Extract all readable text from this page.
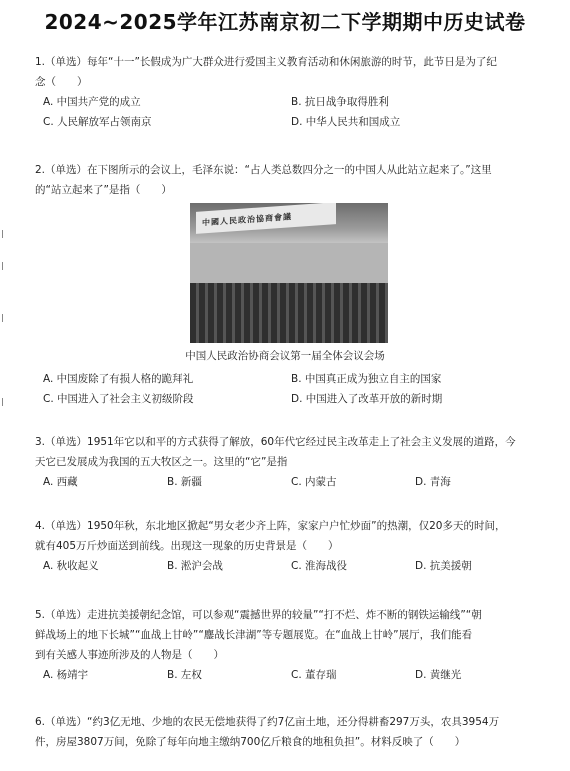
2024~2025学年江苏南京初二下学期期中历史试卷

1.（单选）每年“十一”长假成为广大群众进行爱国主义教育活动和休闲旅游的时节，此节日是为了纪

念（　　）

A. 中国共产党的成立	B. 抗日战争取得胜利
C. 人民解放军占领南京	D. 中华人民共和国成立

2.（单选）在下图所示的会议上，毛泽东说：“占人类总数四分之一的中国人从此站立起来了。”这里

的“站立起来了”是指（　　）

中國人民政治協商會議
中国人民政治协商会议第一届全体会议会场
A. 中国废除了有损人格的跪拜礼	B. 中国真正成为独立自主的国家
C. 中国进入了社会主义初级阶段	D. 中国进入了改革开放的新时期

3.（单选）1951年它以和平的方式获得了解放，60年代它经过民主改革走上了社会主义发展的道路，今

天它已发展成为我国的五大牧区之一。这里的“它”是指

A. 西藏	B. 新疆	C. 内蒙古	D. 青海

4.（单选）1950年秋，东北地区掀起“男女老少齐上阵，家家户户忙炒面”的热潮，仅20多天的时间，

就有405万斤炒面送到前线。出现这一现象的历史背景是（　　）

A. 秋收起义	B. 淞沪会战	C. 淮海战役	D. 抗美援朝

5.（单选）走进抗美援朝纪念馆，可以参观“震撼世界的较量”“打不烂、炸不断的钢铁运输线”“朝

鲜战场上的地下长城”“血战上甘岭”“鏖战长津湖”等专题展览。在“血战上甘岭”展厅，我们能看

到有关感人事迹所涉及的人物是（　　）

A. 杨靖宇	B. 左权	C. 董存瑞	D. 黄继光

6.（单选）“约3亿无地、少地的农民无偿地获得了约7亿亩土地，还分得耕畜297万头，农具3954万

件，房屋3807万间，免除了每年向地主缴纳700亿斤粮食的地租负担”。材料反映了（　　）
